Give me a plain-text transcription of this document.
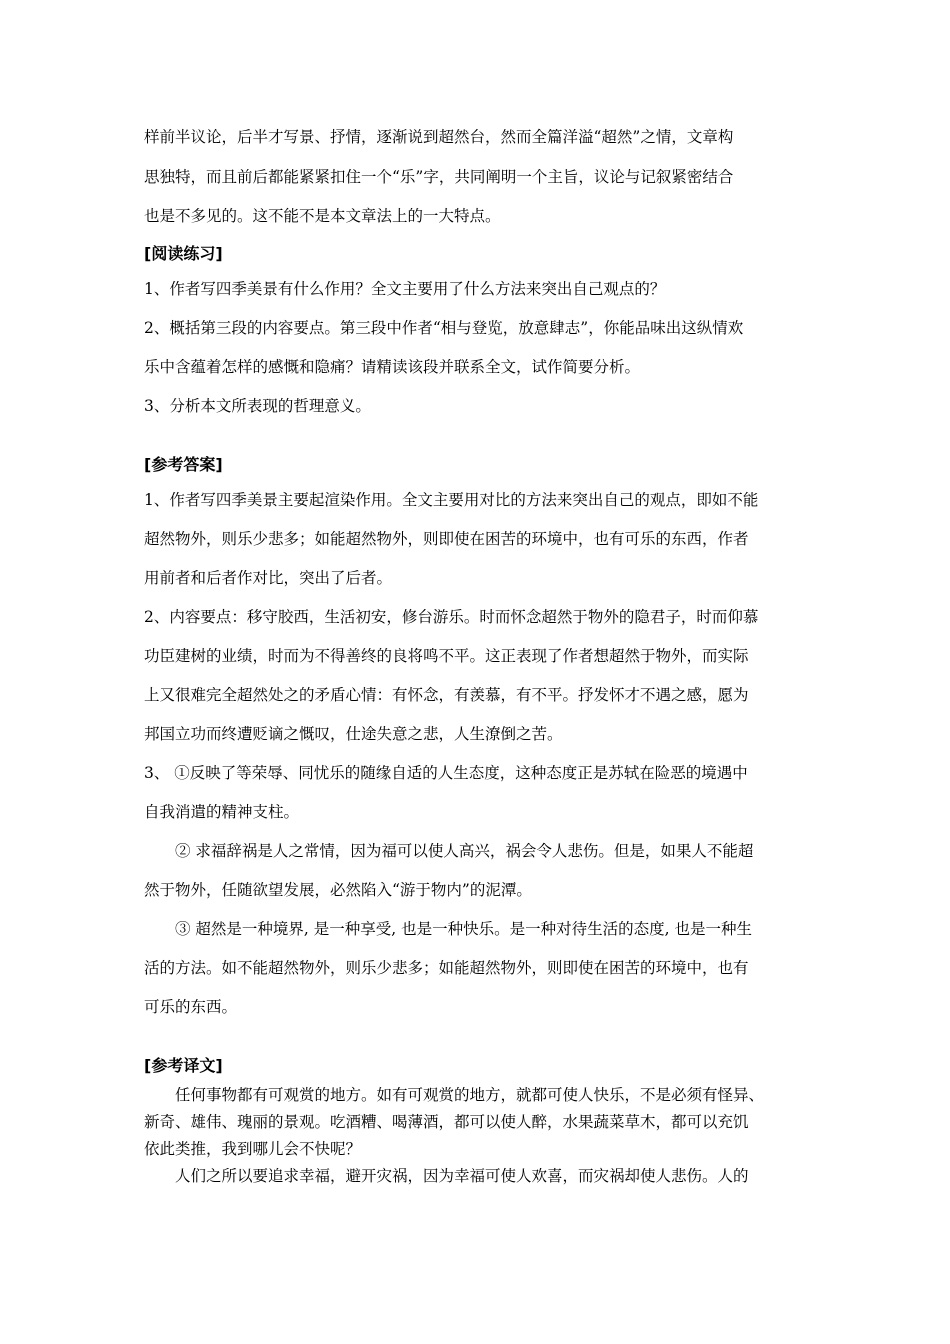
样前半议论，后半才写景、抒情，逐渐说到超然台，然而全篇洋溢“超然”之情，文章构

思独特，而且前后都能紧紧扣住一个“乐”字，共同阐明一个主旨，议论与记叙紧密结合

也是不多见的。这不能不是本文章法上的一大特点。

[阅读练习]

1、作者写四季美景有什么作用？全文主要用了什么方法来突出自己观点的？

2、概括第三段的内容要点。第三段中作者“相与登览，放意肆志”，你能品味出这纵情欢

乐中含蕴着怎样的感慨和隐痛？请精读该段并联系全文，试作简要分析。

3、分析本文所表现的哲理意义。

[参考答案]

1、作者写四季美景主要起渲染作用。全文主要用对比的方法来突出自己的观点，即如不能

超然物外，则乐少悲多；如能超然物外，则即使在困苦的环境中，也有可乐的东西，作者

用前者和后者作对比，突出了后者。

2、内容要点：移守胶西，生活初安，修台游乐。时而怀念超然于物外的隐君子，时而仰慕

功臣建树的业绩，时而为不得善终的良将鸣不平。这正表现了作者想超然于物外，而实际

上又很难完全超然处之的矛盾心情：有怀念，有羡慕，有不平。抒发怀才不遇之感，愿为

邦国立功而终遭贬谪之慨叹，仕途失意之悲，人生潦倒之苦。

3、 ①反映了等荣辱、同忧乐的随缘自适的人生态度，这种态度正是苏轼在险恶的境遇中

自我消遣的精神支柱。

② 求福辞祸是人之常情，因为福可以使人高兴，祸会令人悲伤。但是，如果人不能超

然于物外，任随欲望发展，必然陷入“游于物内”的泥潭。

③ 超然是一种境界, 是一种享受, 也是一种快乐。是一种对待生活的态度, 也是一种生

活的方法。如不能超然物外，则乐少悲多；如能超然物外，则即使在困苦的环境中，也有

可乐的东西。

[参考译文]

任何事物都有可观赏的地方。如有可观赏的地方，就都可使人快乐，不是必须有怪异、

新奇、雄伟、瑰丽的景观。吃酒糟、喝薄酒，都可以使人醉，水果蔬菜草木，都可以充饥

依此类推，我到哪儿会不快呢？

人们之所以要追求幸福，避开灾祸，因为幸福可使人欢喜，而灾祸却使人悲伤。人的
